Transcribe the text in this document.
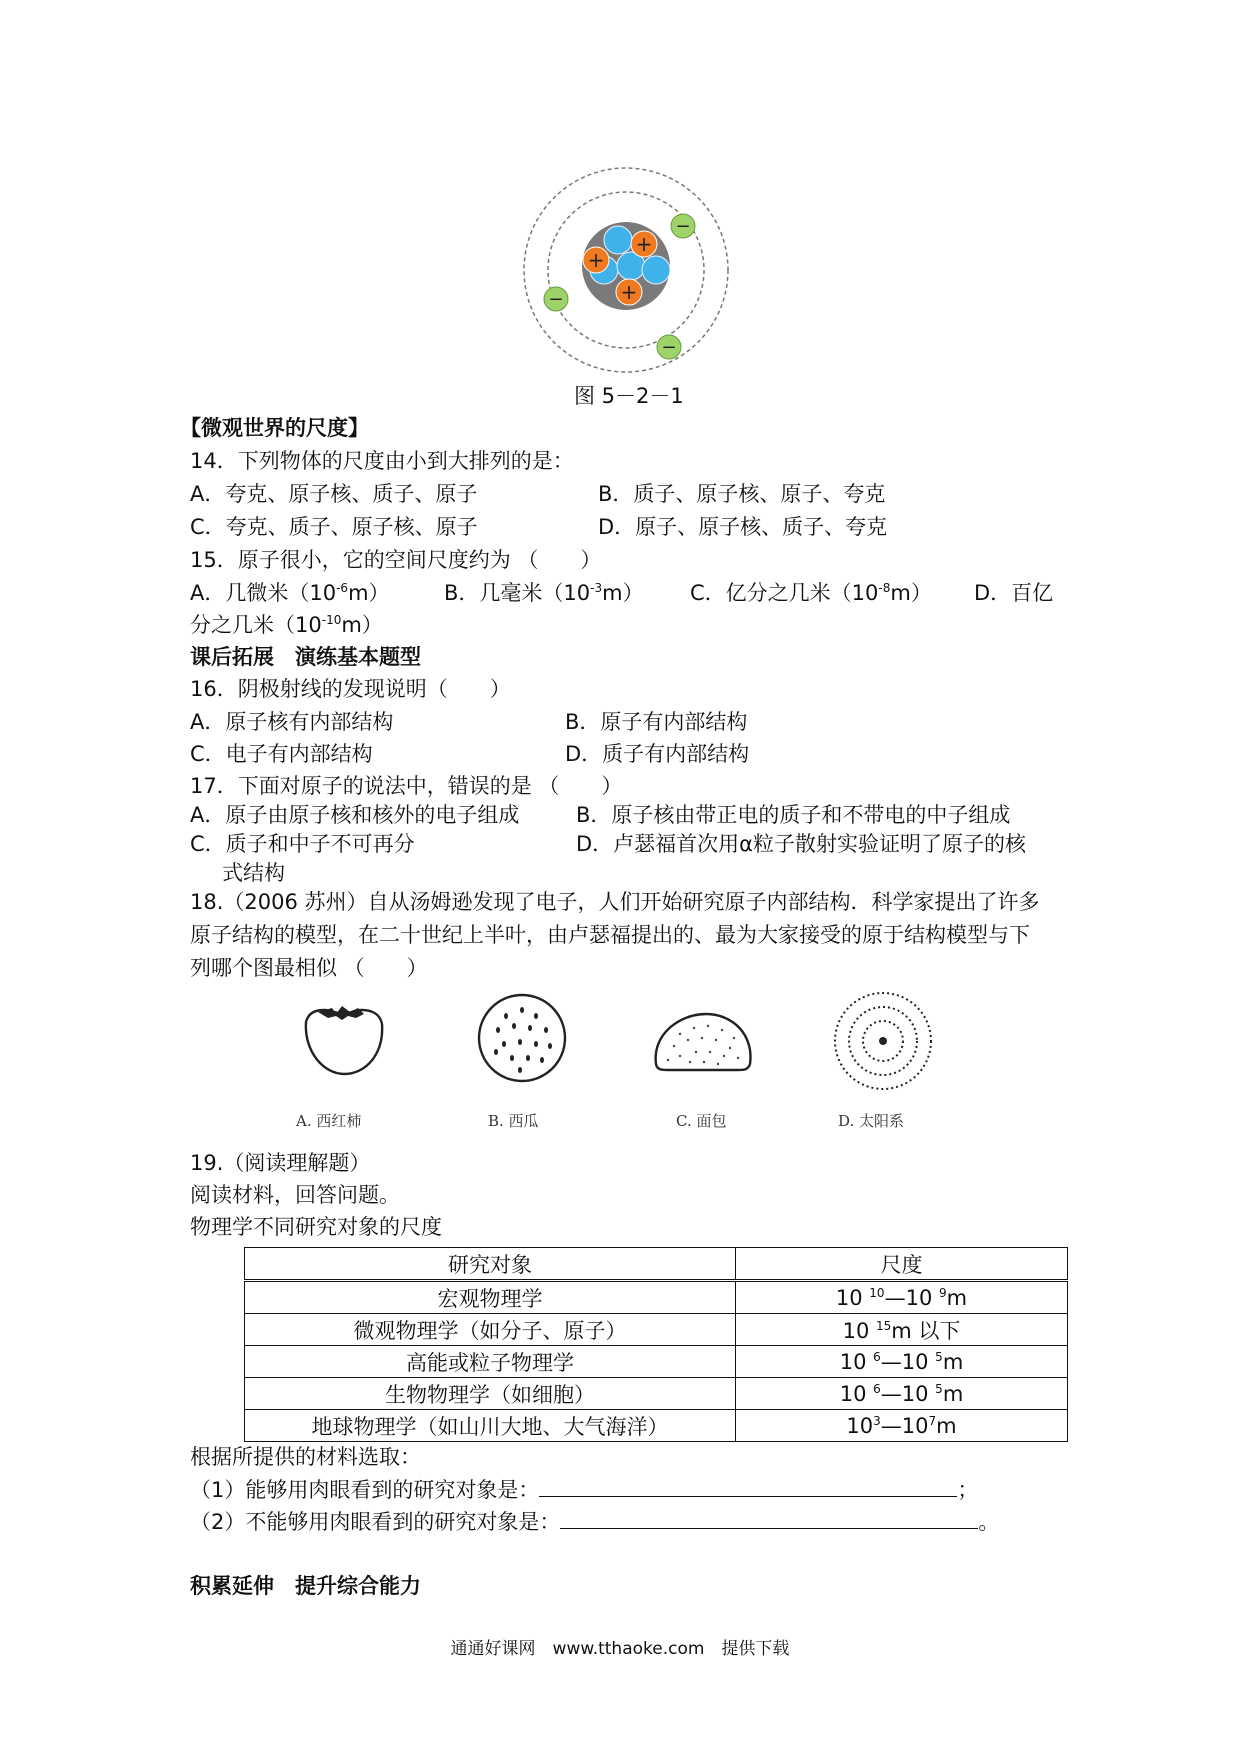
+
+
+
−
−
−
图 5－2－1
【微观世界的尺度】
14．下列物体的尺度由小到大排列的是：
A．夸克、原子核、质子、原子	B．质子、原子核、原子、夸克
C．夸克、质子、原子核、原子	D．原子、原子核、质子、夸克
15．原子很小，它的空间尺度约为 （　　）
A．几微米$(10^{-6}m)$	B．几毫米$(10^{-3}m)$ C．亿分之几米$(10^{-8}m)$ D．百亿
分之几米$(10^{-10}m)$
课后拓展　演练基本题型
16．阴极射线的发现说明（　　）
A．原子核有内部结构	B．原子有内部结构
C．电子有内部结构	D．质子有内部结构
17．下面对原子的说法中，错误的是 （　　）
A．原子由原子核和核外的电子组成	B．原子核由带正电的质子和不带电的中子组成
C．质子和中子不可再分	D．卢瑟福首次用α粒子散射实验证明了原子的核
式结构
18.（2006 苏州）自从汤姆逊发现了电子，人们开始研究原子内部结构．科学家提出了许多
原子结构的模型，在二十世纪上半叶，由卢瑟福提出的、最为大家接受的原于结构模型与下
列哪个图最相似 （　　）
A. 西红柿	B. 西瓜	C. 面包	D. 太阳系
19.（阅读理解题）
阅读材料，回答问题。
物理学不同研究对象的尺度
研究对象	尺度
宏观物理学	10 $^{10}$—10 $^9$m
微观物理学（如分子、原子）	10 $^{15}$m 以下
高能或粒子物理学	10 $^6$—10 $^5$m
生物物理学（如细胞）	10 $^6$—10 $^5$m
地球物理学（如山川大地、大气海洋）	$10^3—10^7m$
根据所提供的材料选取：
（1）能够用肉眼看到的研究对象是：	；
（2）不能够用肉眼看到的研究对象是：	。
积累延伸　提升综合能力
通通好课网　www.tthaoke.com　提供下载
